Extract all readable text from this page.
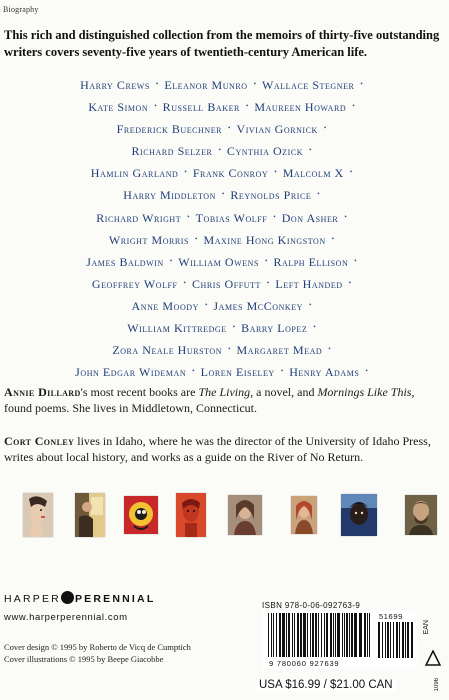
Biography
This rich and distinguished collection from the memoirs of thirty-five outstanding writers covers seventy-five years of twentieth-century American life.
Harry Crews • Eleanor Munro • Wallace Stegner •
Kate Simon • Russell Baker • Maureen Howard •
Frederick Buechner • Vivian Gornick •
Richard Selzer • Cynthia Ozick •
Hamlin Garland • Frank Conroy • Malcolm X •
Harry Middleton • Reynolds Price •
Richard Wright • Tobias Wolff • Don Asher •
Wright Morris • Maxine Hong Kingston •
James Baldwin • William Owens • Ralph Ellison •
Geoffrey Wolff • Chris Offutt • Left Handed •
Anne Moody • James McConkey •
William Kittredge • Barry Lopez •
Zora Neale Hurston • Margaret Mead •
John Edgar Wideman • Loren Eiseley • Henry Adams •
Annie Dillard's most recent books are The Living, a novel, and Mornings Like This, found poems. She lives in Middletown, Connecticut.
Cort Conley lives in Idaho, where he was the director of the University of Idaho Press, writes about local history, and works as a guide on the River of No Return.
HARPER PERENNIAL
www.harperperennial.com
Cover design © 1995 by Roberto de Vicq de Cumptich
Cover illustrations © 1995 by Beepe Giacobbe
ISBN 978-0-06-092763-9
9 780060 927639
51699
EAN
1096
USA $16.99 / $21.00 CAN
